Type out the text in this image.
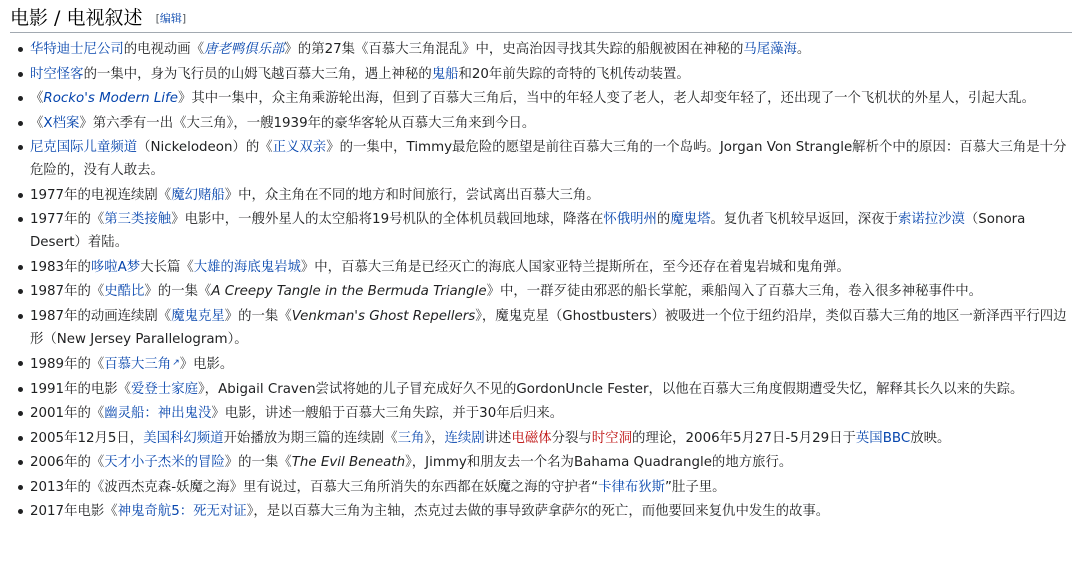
电影 / 电视叙述 [编辑]
华特迪士尼公司的电视动画《唐老鸭俱乐部》的第27集《百慕大三角混乱》中，史高治因寻找其失踪的船舰被困在神秘的马尾藻海。
时空怪客的一集中，身为飞行员的山姆飞越百慕大三角，遇上神秘的鬼船和20年前失踪的奇特的飞机传动装置。
《Rocko's Modern Life》其中一集中，众主角乘游轮出海，但到了百慕大三角后，当中的年轻人变了老人，老人却变年轻了，还出现了一个飞机状的外星人，引起大乱。
《X档案》第六季有一出《大三角》，一艘1939年的豪华客轮从百慕大三角来到今日。
尼克国际儿童频道（Nickelodeon）的《正义双亲》的一集中，Timmy最危险的愿望是前往百慕大三角的一个岛屿。Jorgan Von Strangle解析个中的原因：百慕大三角是十分危险的，没有人敢去。
1977年的电视连续剧《魔幻赌船》中，众主角在不同的地方和时间旅行，尝试离出百慕大三角。
1977年的《第三类接触》电影中，一艘外星人的太空船将19号机队的全体机员载回地球，降落在怀俄明州的魔鬼塔。复仇者飞机较早返回，深夜于索诺拉沙漠（Sonora Desert）着陆。
1983年的哆啦A梦大长篇《大雄的海底鬼岩城》中，百慕大三角是已经灭亡的海底人国家亚特兰提斯所在，至今还存在着鬼岩城和鬼角弹。
1987年的《史酷比》的一集《A Creepy Tangle in the Bermuda Triangle》中，一群歹徒由邪恶的船长掌舵，乘船闯入了百慕大三角，卷入很多神秘事件中。
1987年的动画连续剧《魔鬼克星》的一集《Venkman's Ghost Repellers》，魔鬼克星（Ghostbusters）被吸进一个位于纽约沿岸，类似百慕大三角的地区一新泽西平行四边形（New Jersey Parallelogram）。
1989年的《百慕大三角 ↗ 》电影。
1991年的电影《爱登士家庭》，Abigail Craven尝试将她的儿子冒充成好久不见的GordonUncle Fester，以他在百慕大三角度假期遭受失忆，解释其长久以来的失踪。
2001年的《幽灵船：神出鬼没》电影，讲述一艘船于百慕大三角失踪，并于30年后归来。
2005年12月5日，美国科幻频道开始播放为期三篇的连续剧《三角》，连续剧讲述电磁体分裂与时空洞的理论，2006年5月27日-5月29日于英国BBC放映。
2006年的《天才小子杰米的冒险》的一集《The Evil Beneath》，Jimmy和朋友去一个名为Bahama Quadrangle的地方旅行。
2013年的《波西杰克森-妖魔之海》里有说过，百慕大三角所消失的东西都在妖魔之海的守护者“卡律布狄斯”肚子里。
2017年电影《神鬼奇航5：死无对证》，是以百慕大三角为主轴，杰克过去做的事导致萨拿萨尔的死亡，而他要回来复仇中发生的故事。
